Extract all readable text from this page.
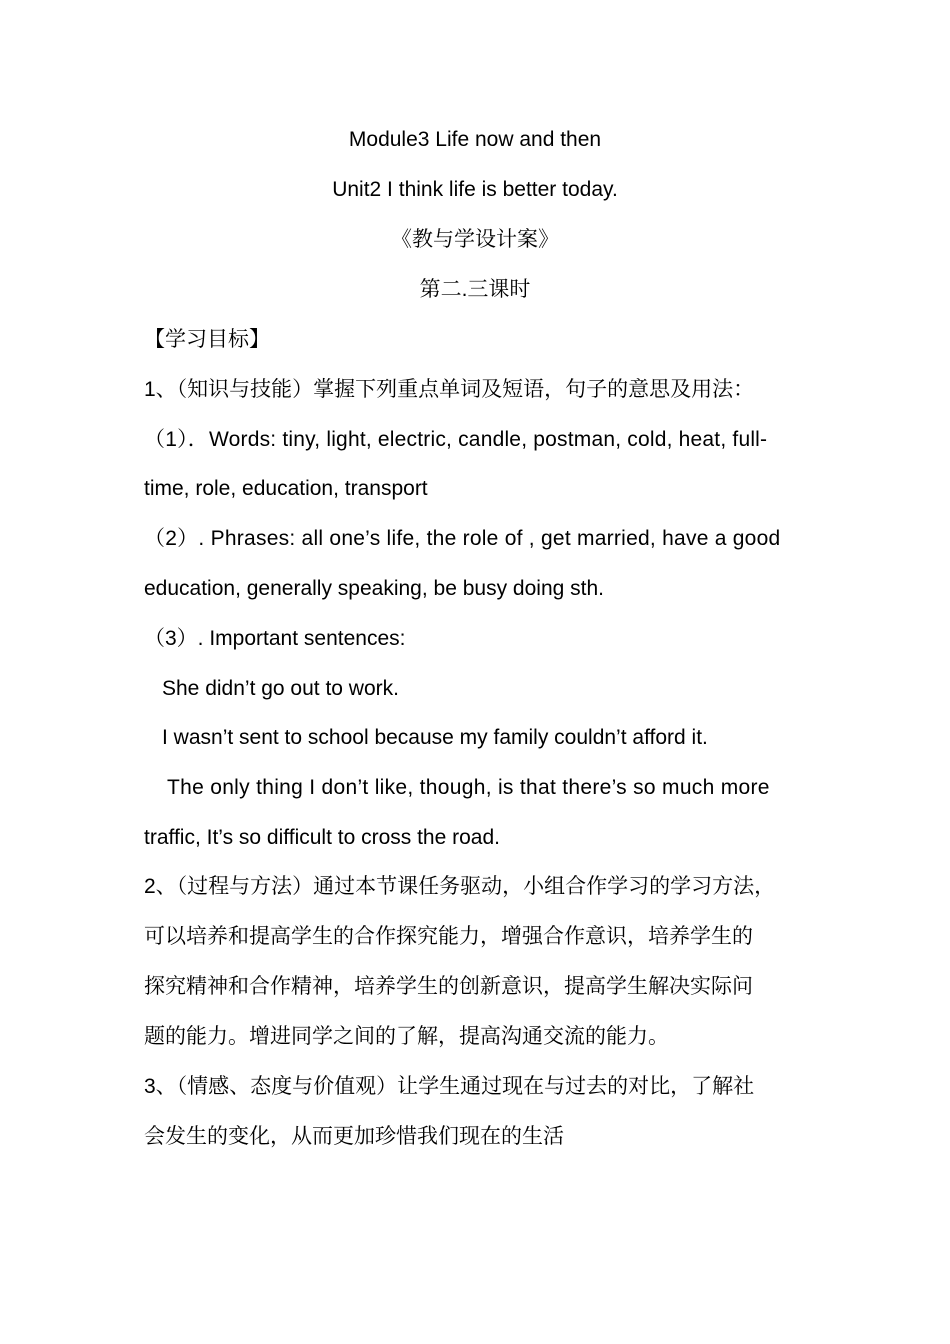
Module3 Life now and then
Unit2 I think life is better today.
《教与学设计案》
第二.三课时
【学习目标】
1、（知识与技能）掌握下列重点单词及短语，句子的意思及用法：
（1）．Words: tiny, light, electric, candle, postman, cold, heat, full-
time, role, education, transport
（2）. Phrases: all one’s life, the role of , get married, have a good
education, generally speaking, be busy doing sth.
（3）. Important sentences:
She didn’t go out to work.
I wasn’t sent to school because my family couldn’t afford it.
The only thing I don’t like, though, is that there’s so much more
traffic, It’s so difficult to cross the road.
2、（过程与方法）通过本节课任务驱动，小组合作学习的学习方法，
可以培养和提高学生的合作探究能力，增强合作意识，培养学生的
探究精神和合作精神，培养学生的创新意识，提高学生解决实际问
题的能力。增进同学之间的了解，提高沟通交流的能力。
3、（情感、态度与价值观）让学生通过现在与过去的对比，了解社
会发生的变化，从而更加珍惜我们现在的生活
